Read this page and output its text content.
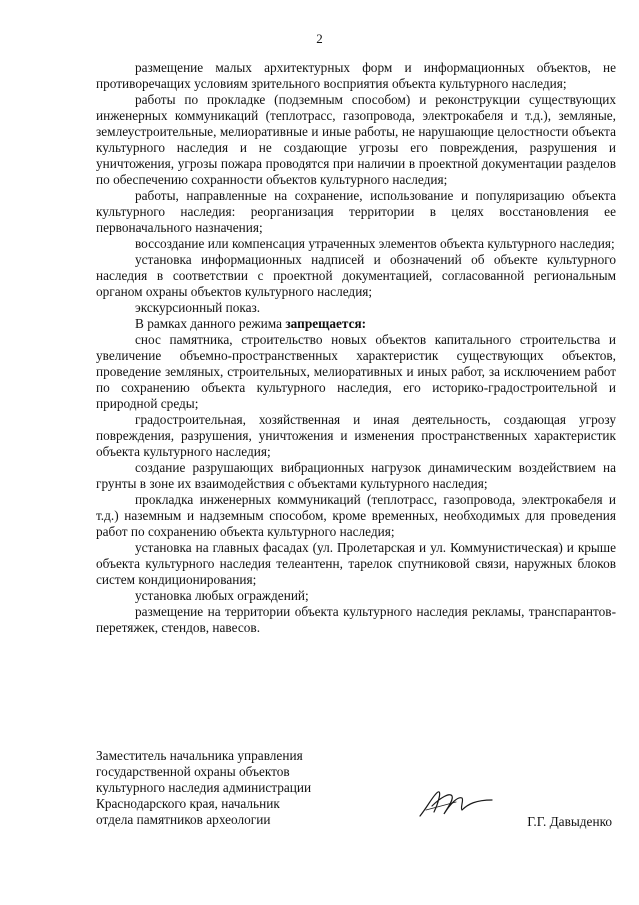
2

размещение малых архитектурных форм и информационных объектов, не противоречащих условиям зрительного восприятия объекта культурного наследия;

работы по прокладке (подземным способом) и реконструкции существующих инженерных коммуникаций (теплотрасс, газопровода, электрокабеля и т.д.), земляные, землеустроительные, мелиоративные и иные работы, не нарушающие целостности объекта культурного наследия и не создающие угрозы его повреждения, разрушения и уничтожения, угрозы пожара проводятся при наличии в проектной документации разделов по обеспечению сохранности объектов культурного наследия;

работы, направленные на сохранение, использование и популяризацию объекта культурного наследия: реорганизация территории в целях восстановления ее первоначального назначения;

воссоздание или компенсация утраченных элементов объекта культурного наследия;

установка информационных надписей и обозначений об объекте культурного наследия в соответствии с проектной документацией, согласованной региональным органом охраны объектов культурного наследия;

экскурсионный показ.

В рамках данного режима запрещается:

снос памятника, строительство новых объектов капитального строительства и увеличение объемно-пространственных характеристик существующих объектов, проведение земляных, строительных, мелиоративных и иных работ, за исключением работ по сохранению объекта культурного наследия, его историко-градостроительной и природной среды;

градостроительная, хозяйственная и иная деятельность, создающая угрозу повреждения, разрушения, уничтожения и изменения пространственных характеристик объекта культурного наследия;

создание разрушающих вибрационных нагрузок динамическим воздействием на грунты в зоне их взаимодействия с объектами культурного наследия;

прокладка инженерных коммуникаций (теплотрасс, газопровода, электрокабеля и т.д.) наземным и надземным способом, кроме временных, необходимых для проведения работ по сохранению объекта культурного наследия;

установка на главных фасадах (ул. Пролетарская и ул. Коммунистическая) и крыше объекта культурного наследия телеантенн, тарелок спутниковой связи, наружных блоков систем кондиционирования;

установка любых ограждений;

размещение на территории объекта культурного наследия рекламы, транспарантов-перетяжек, стендов, навесов.

Заместитель начальника управления
государственной охраны объектов
культурного наследия администрации
Краснодарского края, начальник
отдела памятников археологии	Г.Г. Давыденко
